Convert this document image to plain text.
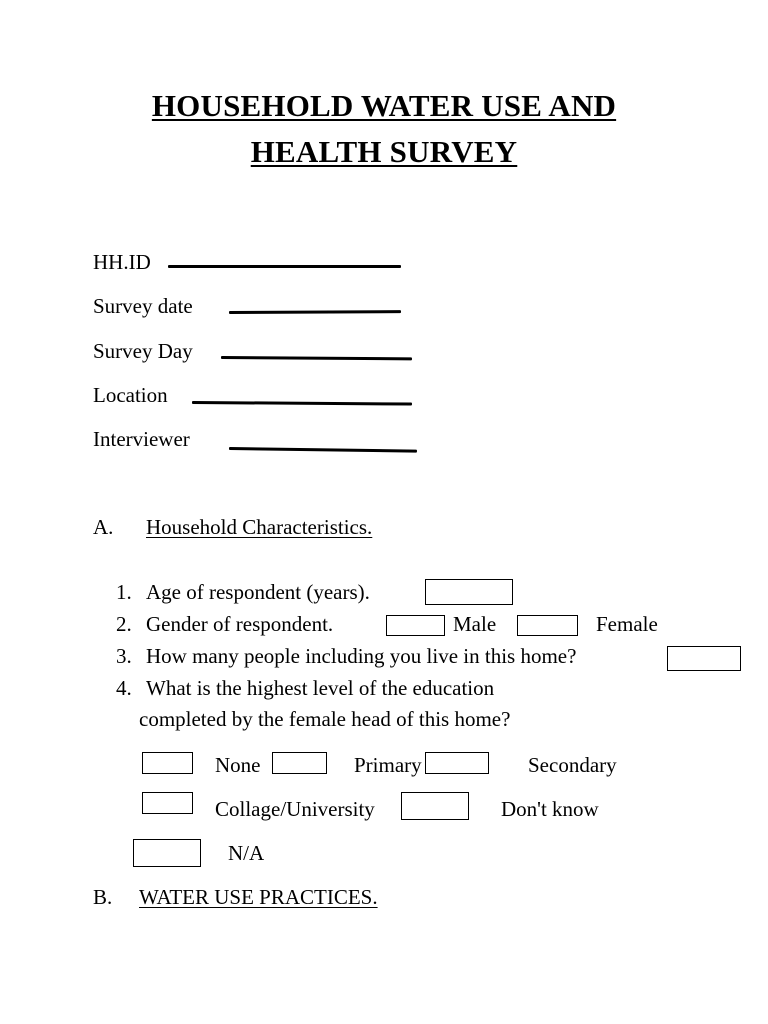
HOUSEHOLD WATER USE AND
HEALTH SURVEY
HH.ID
Survey date
Survey Day
Location
Interviewer
A. Household Characteristics.
1. Age of respondent (years).
2. Gender of respondent.	Male	Female
3. How many people including you live in this home?
4. What is the highest level of the education
completed by the female head of this home?
None	Primary	Secondary
Collage/University	Don't know
N/A
B. WATER USE PRACTICES.
